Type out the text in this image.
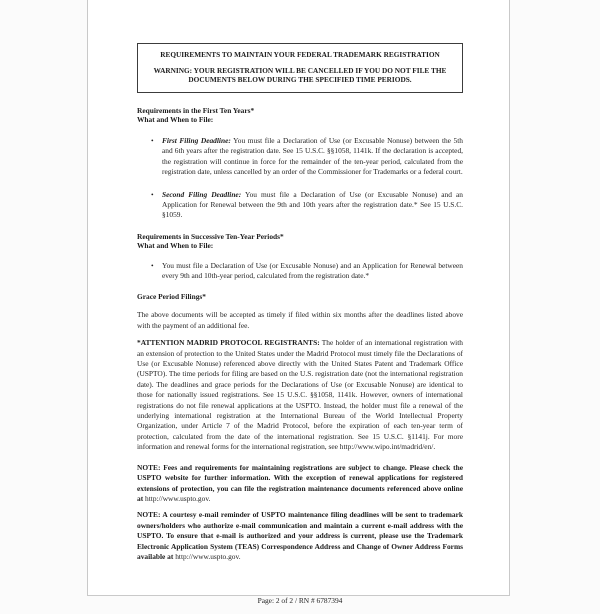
REQUIREMENTS TO MAINTAIN YOUR FEDERAL TRADEMARK REGISTRATION

WARNING: YOUR REGISTRATION WILL BE CANCELLED IF YOU DO NOT FILE THE DOCUMENTS BELOW DURING THE SPECIFIED TIME PERIODS.

Requirements in the First Ten Years*

What and When to File:

•	First Filing Deadline: You must file a Declaration of Use (or Excusable Nonuse) between the 5th and 6th years after the registration date. See 15 U.S.C. §§1058, 1141k. If the declaration is accepted, the registration will continue in force for the remainder of the ten-year period, calculated from the registration date, unless cancelled by an order of the Commissioner for Trademarks or a federal court.
•	Second Filing Deadline: You must file a Declaration of Use (or Excusable Nonuse) and an Application for Renewal between the 9th and 10th years after the registration date.* See 15 U.S.C. §1059.

Requirements in Successive Ten-Year Periods*

What and When to File:

•	You must file a Declaration of Use (or Excusable Nonuse) and an Application for Renewal between every 9th and 10th-year period, calculated from the registration date.*

Grace Period Filings*

The above documents will be accepted as timely if filed within six months after the deadlines listed above with the payment of an additional fee.

*ATTENTION MADRID PROTOCOL REGISTRANTS: The holder of an international registration with an extension of protection to the United States under the Madrid Protocol must timely file the Declarations of Use (or Excusable Nonuse) referenced above directly with the United States Patent and Trademark Office (USPTO). The time periods for filing are based on the U.S. registration date (not the international registration date). The deadlines and grace periods for the Declarations of Use (or Excusable Nonuse) are identical to those for nationally issued registrations. See 15 U.S.C. §§1058, 1141k. However, owners of international registrations do not file renewal applications at the USPTO. Instead, the holder must file a renewal of the underlying international registration at the International Bureau of the World Intellectual Property Organization, under Article 7 of the Madrid Protocol, before the expiration of each ten-year term of protection, calculated from the date of the international registration. See 15 U.S.C. §1141j. For more information and renewal forms for the international registration, see http://www.wipo.int/madrid/en/.

NOTE: Fees and requirements for maintaining registrations are subject to change. Please check the USPTO website for further information. With the exception of renewal applications for registered extensions of protection, you can file the registration maintenance documents referenced above online at http://www.uspto.gov.

NOTE: A courtesy e-mail reminder of USPTO maintenance filing deadlines will be sent to trademark owners/holders who authorize e-mail communication and maintain a current e-mail address with the USPTO. To ensure that e-mail is authorized and your address is current, please use the Trademark Electronic Application System (TEAS) Correspondence Address and Change of Owner Address Forms available at http://www.uspto.gov.

Page: 2 of 2 / RN # 6787394
